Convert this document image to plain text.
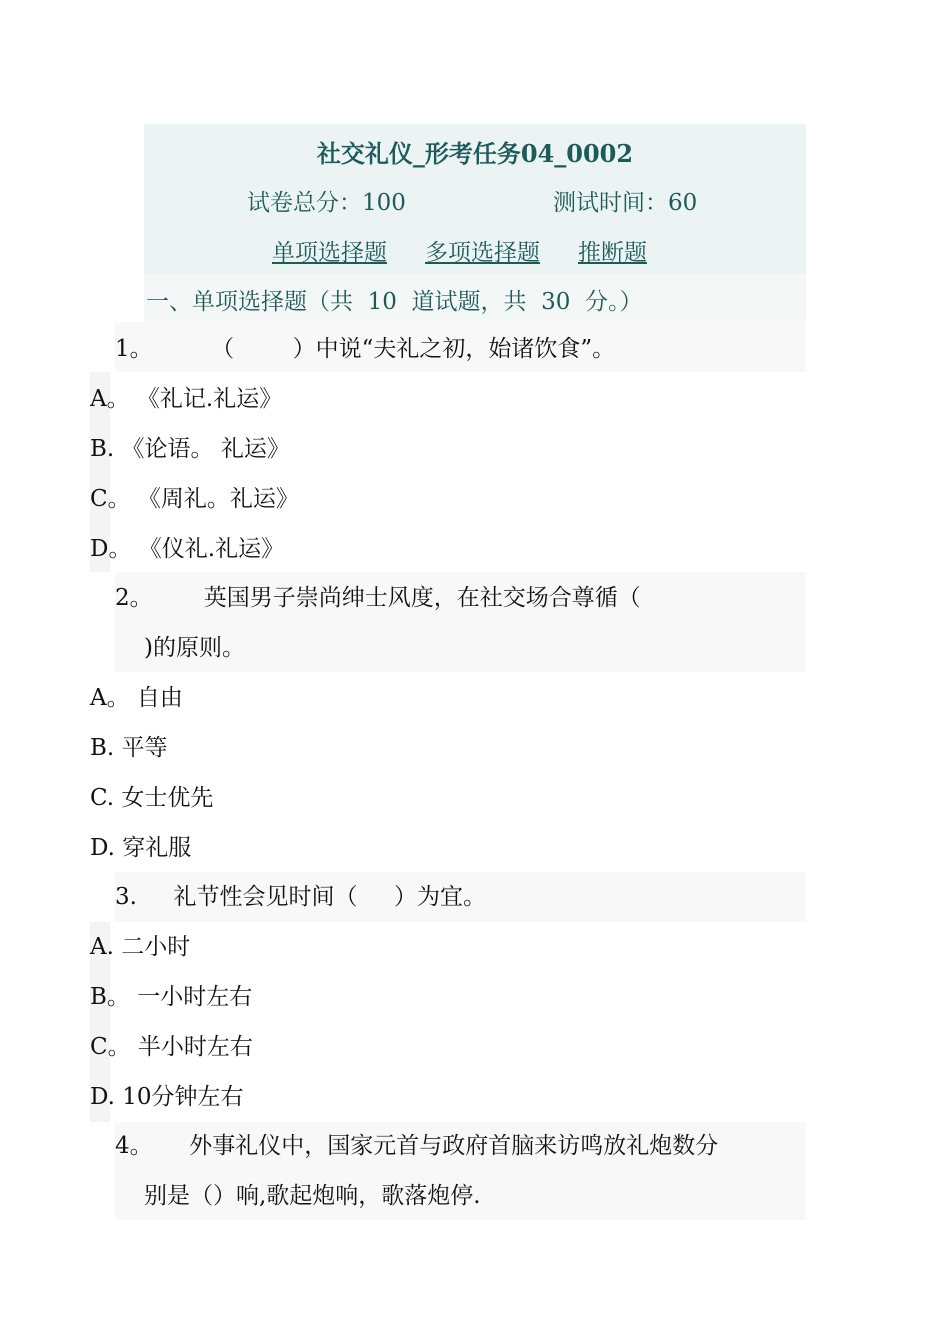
社交礼仪_形考任务04_0002
试卷总分：100	测试时间：60
单项选择题 多项选择题 推断题
一、单项选择题（共  10  道试题，共  30  分。）
1。        （        ）中说“夫礼之初，始诸饮食”。
A。 《礼记.礼运》
B. 《论语。 礼运》
C。 《周礼。礼运》
D。 《仪礼.礼运》
2。       英国男子崇尚绅士风度，在社交场合尊循（
)的原则。
A。 自由
B. 平等
C. 女士优先
D. 穿礼服
3.     礼节性会见时间（     ）为宜。
A. 二小时
B。 一小时左右
C。 半小时左右
D. 10分钟左右
4。     外事礼仪中，国家元首与政府首脑来访鸣放礼炮数分
别是（）响,歌起炮响，歌落炮停.
